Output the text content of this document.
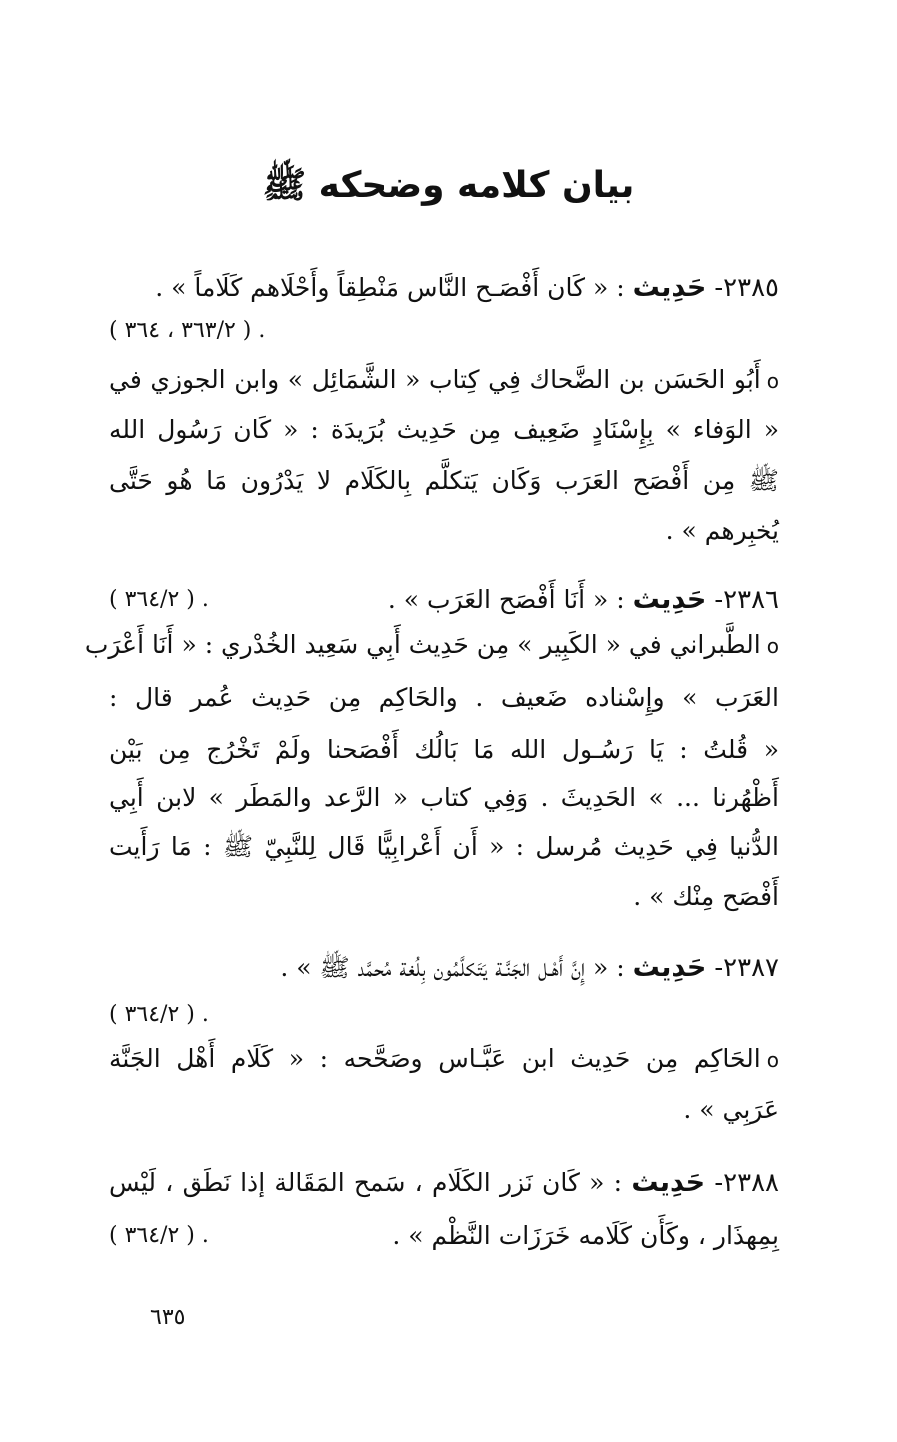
بيان كلامه وضحكه ﷺ
٢٣٨٥- حَدِيث : « كَان أَفْصَـح النَّاس مَنْطِقاً وأَحْلَاهم كَلَاماً » .
. ( ٣٦٣/٢ ، ٣٦٤ )
oأَبُو الحَسَن بن الضَّحاك فِي كِتاب « الشَّمَائِل » وابن الجوزي في
« الوَفاء » بِإِسْنَادٍ ضَعِيف مِن حَدِيث بُرَيدَة : « كَان رَسُول الله
ﷺ مِن أَفْصَح العَرَب وَكَان يَتكلَّم بِالكَلَام لا يَدْرُون مَا هُو حَتَّى
يُخبِرهم » .
٢٣٨٦- حَدِيث : « أَنَا أَفْصَح العَرَب » .
. ( ٣٦٤/٢ )
oالطَّبراني في « الكَبِير » مِن حَدِيث أَبِي سَعِيد الخُدْري : « أَنَا أَعْرَب
العَرَب » وإِسْناده ضَعيف . والحَاكِم مِن حَدِيث عُمر قال :
« قُلتُ : يَا رَسُـول الله مَا بَالُك أَفْصَحنا ولَمْ تَخْرُج مِن بَيْن
أَظْهُرنا ... » الحَدِيثَ . وَفِي كتاب « الرَّعد والمَطَر » لابن أَبِي
الدُّنيا فِي حَدِيث مُرسل : « أَن أَعْرابِيًّا قَال لِلنَّبِيّ ﷺ : مَا رَأَيت
أَفْصَح مِنْك » .
٢٣٨٧- حَدِيث : « إِنَّ أَهْـل الجَنَّـة يَتَكلَّمُون بِلُغة مُحمَّد ﷺ » .
. ( ٣٦٤/٢ )
oالحَاكِم مِن حَدِيث ابن عَبَّـاس وصَحَّحه : « كَلَام أَهْل الجَنَّة
عَرَبِي » .
٢٣٨٨- حَدِيث : « كَان نَزر الكَلَام ، سَمح المَقَالة إذا نَطَق ، لَيْس
بِمِهذَار ، وكَأَن كَلَامه خَرَزَات النَّظْم » .
. ( ٣٦٤/٢ )
٦٣٥
